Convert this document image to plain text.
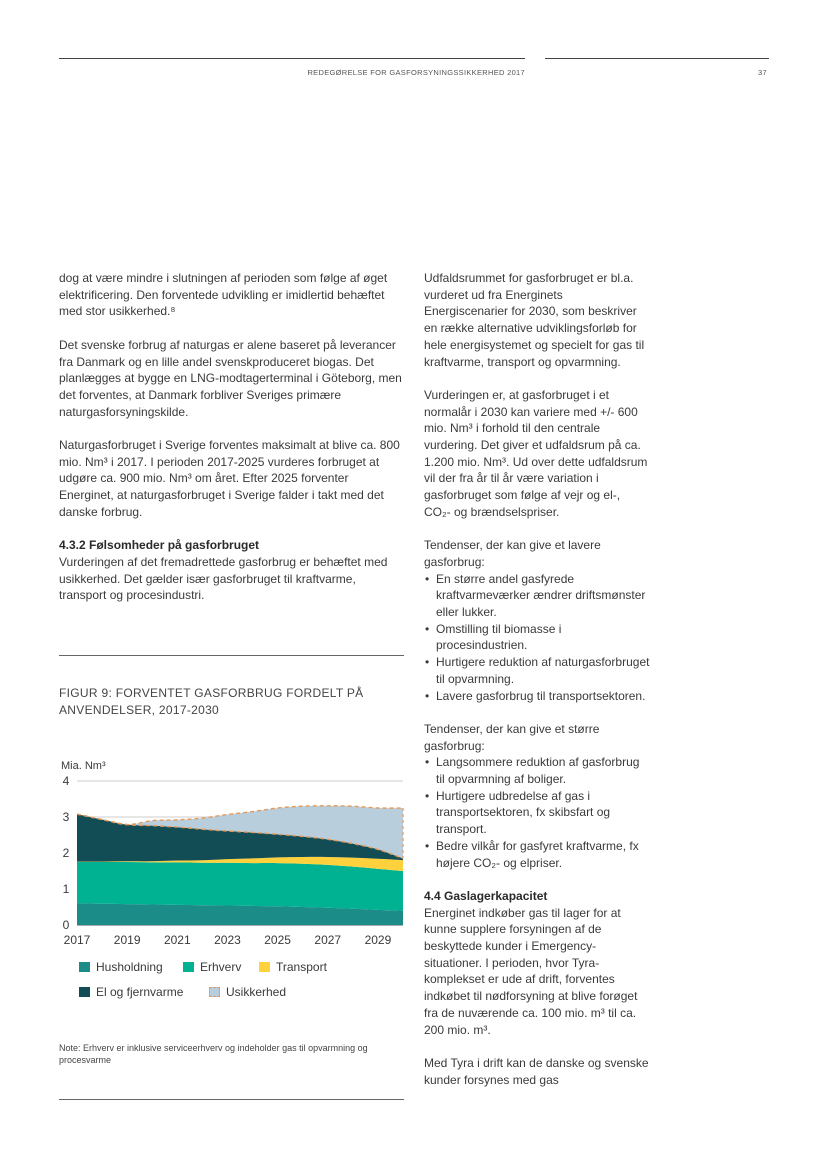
REDEGØRELSE FOR GASFORSYNINGSSIKKERHED 2017	37

dog at være mindre i slutningen af perioden som følge af øget elektrificering. Den forventede udvikling er imidlertid behæftet med stor usikkerhed.⁸

Det svenske forbrug af naturgas er alene baseret på leverancer fra Danmark og en lille andel svenskproduceret biogas. Det planlægges at bygge en LNG-modtagerterminal i Göteborg, men det forventes, at Danmark forbliver Sveriges primære naturgasforsyningskilde.

Naturgasforbruget i Sverige forventes maksimalt at blive ca. 800 mio. Nm³ i 2017. I perioden 2017-2025 vurderes forbruget at udgøre ca. 900 mio. Nm³ om året. Efter 2025 forventer Energinet, at naturgasforbruget i Sverige falder i takt med det danske forbrug.

4.3.2 Følsomheder på gasforbruget

Vurderingen af det fremadrettede gasforbrug er behæftet med usikkerhed. Det gælder især gasforbruget til kraftvarme, transport og procesindustri.

FIGUR 9: FORVENTET GASFORBRUG FORDELT PÅ ANVENDELSER, 2017-2030
Mia. Nm³
0
1
2
3
4
2017 2019 2021 2023 2025 2027 2029
Husholdning	Erhverv	Transport
El og fjernvarme	Usikkerhed
Note: Erhverv er inklusive serviceerhverv og indeholder gas til opvarmning og procesvarme

Udfaldsrummet for gasforbruget er bl.a. vurderet ud fra Energinets Energiscenarier for 2030, som beskriver en række alternative udviklingsforløb for hele energisystemet og specielt for gas til kraftvarme, transport og opvarmning.

Vurderingen er, at gasforbruget i et normalår i 2030 kan variere med +/- 600 mio. Nm³ i forhold til den centrale vurdering. Det giver et udfaldsrum på ca. 1.200 mio. Nm³. Ud over dette udfaldsrum vil der fra år til år være variation i gasforbruget som følge af vejr og el-, CO₂- og brændselspriser.

Tendenser, der kan give et lavere gasforbrug:
• En større andel gasfyrede kraftvarmeværker ændrer driftsmønster eller lukker.
• Omstilling til biomasse i procesindustrien.
• Hurtigere reduktion af naturgasforbruget til opvarmning.
• Lavere gasforbrug til transportsektoren.
Tendenser, der kan give et større gasforbrug:
• Langsommere reduktion af gasforbrug til opvarmning af boliger.
• Hurtigere udbredelse af gas i transportsektoren, fx skibsfart og transport.
• Bedre vilkår for gasfyret kraftvarme, fx højere CO₂- og elpriser.
4.4 Gaslagerkapacitet

Energinet indkøber gas til lager for at kunne supplere forsyningen af de beskyttede kunder i Emergency-situationer. I perioden, hvor Tyra-komplekset er ude af drift, forventes indkøbet til nødforsyning at blive forøget fra de nuværende ca. 100 mio. m³ til ca. 200 mio. m³.

Med Tyra i drift kan de danske og svenske kunder forsynes med gas
